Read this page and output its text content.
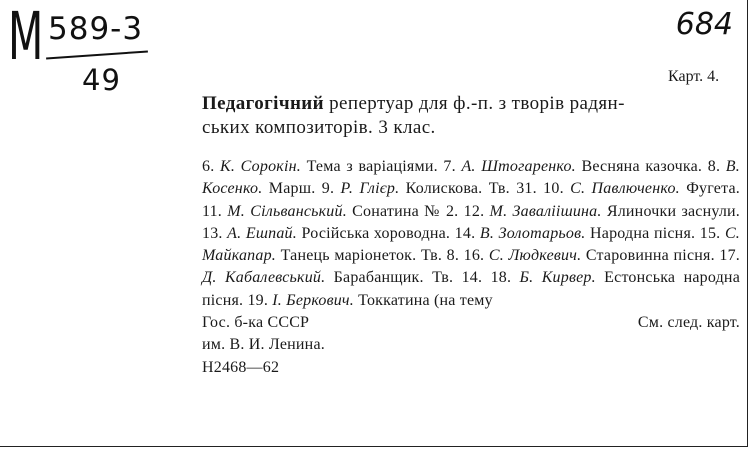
М 589-3
49
684
Карт. 4.
Педагогічний репертуар для ф.-п. з творів радян-
ських композиторів. 3 клас.
6. К. Сорокін. Тема з варіаціями. 7. А. Штогаренко. Весняна казочка. 8. В. Косенко. Марш. 9. Р. Глієр. Колискова. Тв. 31. 10. С. Павлюченко. Фугета. 11. М. Сільванський. Сонатина № 2. 12. М. Заваліішина. Ялиночки заснули. 13. А. Ешпай. Російська хороводна. 14. В. Золотарьов. Народна пісня. 15. С. Майкапар. Танець маріонеток. Тв. 8. 16. С. Людкевич. Старовинна пісня. 17. Д. Кабалевський. Барабанщик. Тв. 14. 18. Б. Кирвер. Естонська народна пісня. 19. І. Беркович. Токкатина (на тему
Гос. б-ка СССР	См. след. карт.
им. В. И. Ленина.
Н2468—62
